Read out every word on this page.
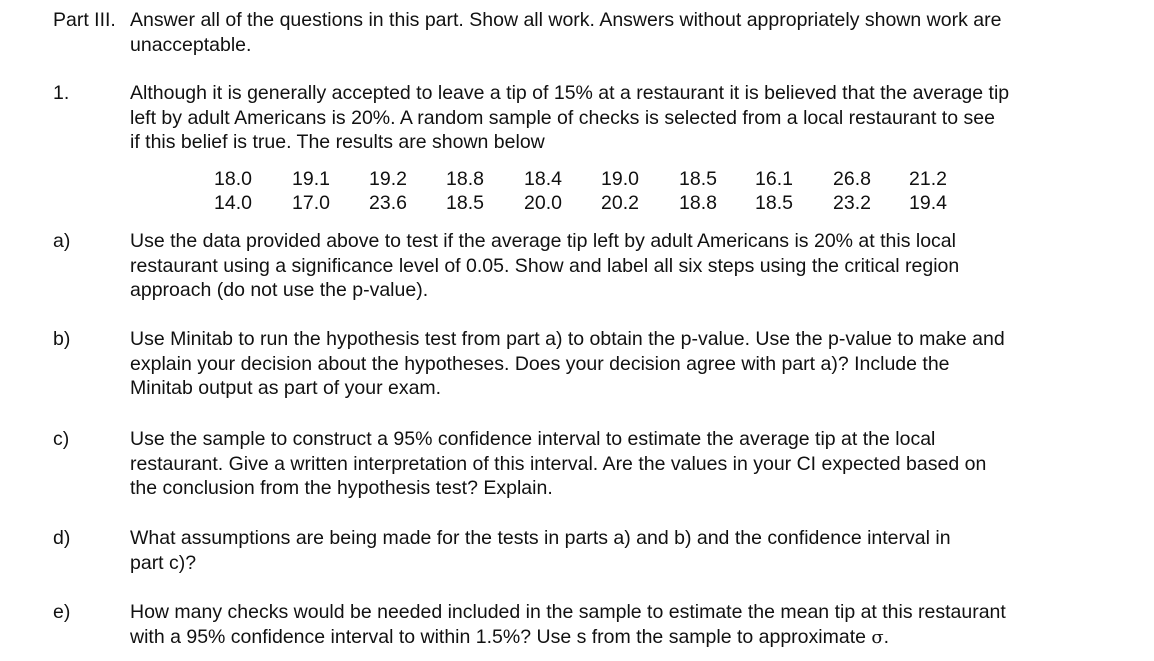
Part III. Answer all of the questions in this part. Show all work. Answers without appropriately shown work are
unacceptable.
1.	Although it is generally accepted to leave a tip of 15% at a restaurant it is believed that the average tip
left by adult Americans is 20%. A random sample of checks is selected from a local restaurant to see
if this belief is true. The results are shown below
18.0	19.1	19.2	18.8	18.4	19.0	18.5	16.1	26.8	21.2
14.0	17.0	23.6	18.5	20.0	20.2	18.8	18.5	23.2	19.4
a)	Use the data provided above to test if the average tip left by adult Americans is 20% at this local
restaurant using a significance level of 0.05. Show and label all six steps using the critical region
approach (do not use the p-value).
b)	Use Minitab to run the hypothesis test from part a) to obtain the p-value. Use the p-value to make and
explain your decision about the hypotheses. Does your decision agree with part a)? Include the
Minitab output as part of your exam.
c)	Use the sample to construct a 95% confidence interval to estimate the average tip at the local
restaurant. Give a written interpretation of this interval. Are the values in your CI expected based on
the conclusion from the hypothesis test? Explain.
d)	What assumptions are being made for the tests in parts a) and b) and the confidence interval in
part c)?
e)	How many checks would be needed included in the sample to estimate the mean tip at this restaurant
with a 95% confidence interval to within 1.5%? Use s from the sample to approximate σ.
